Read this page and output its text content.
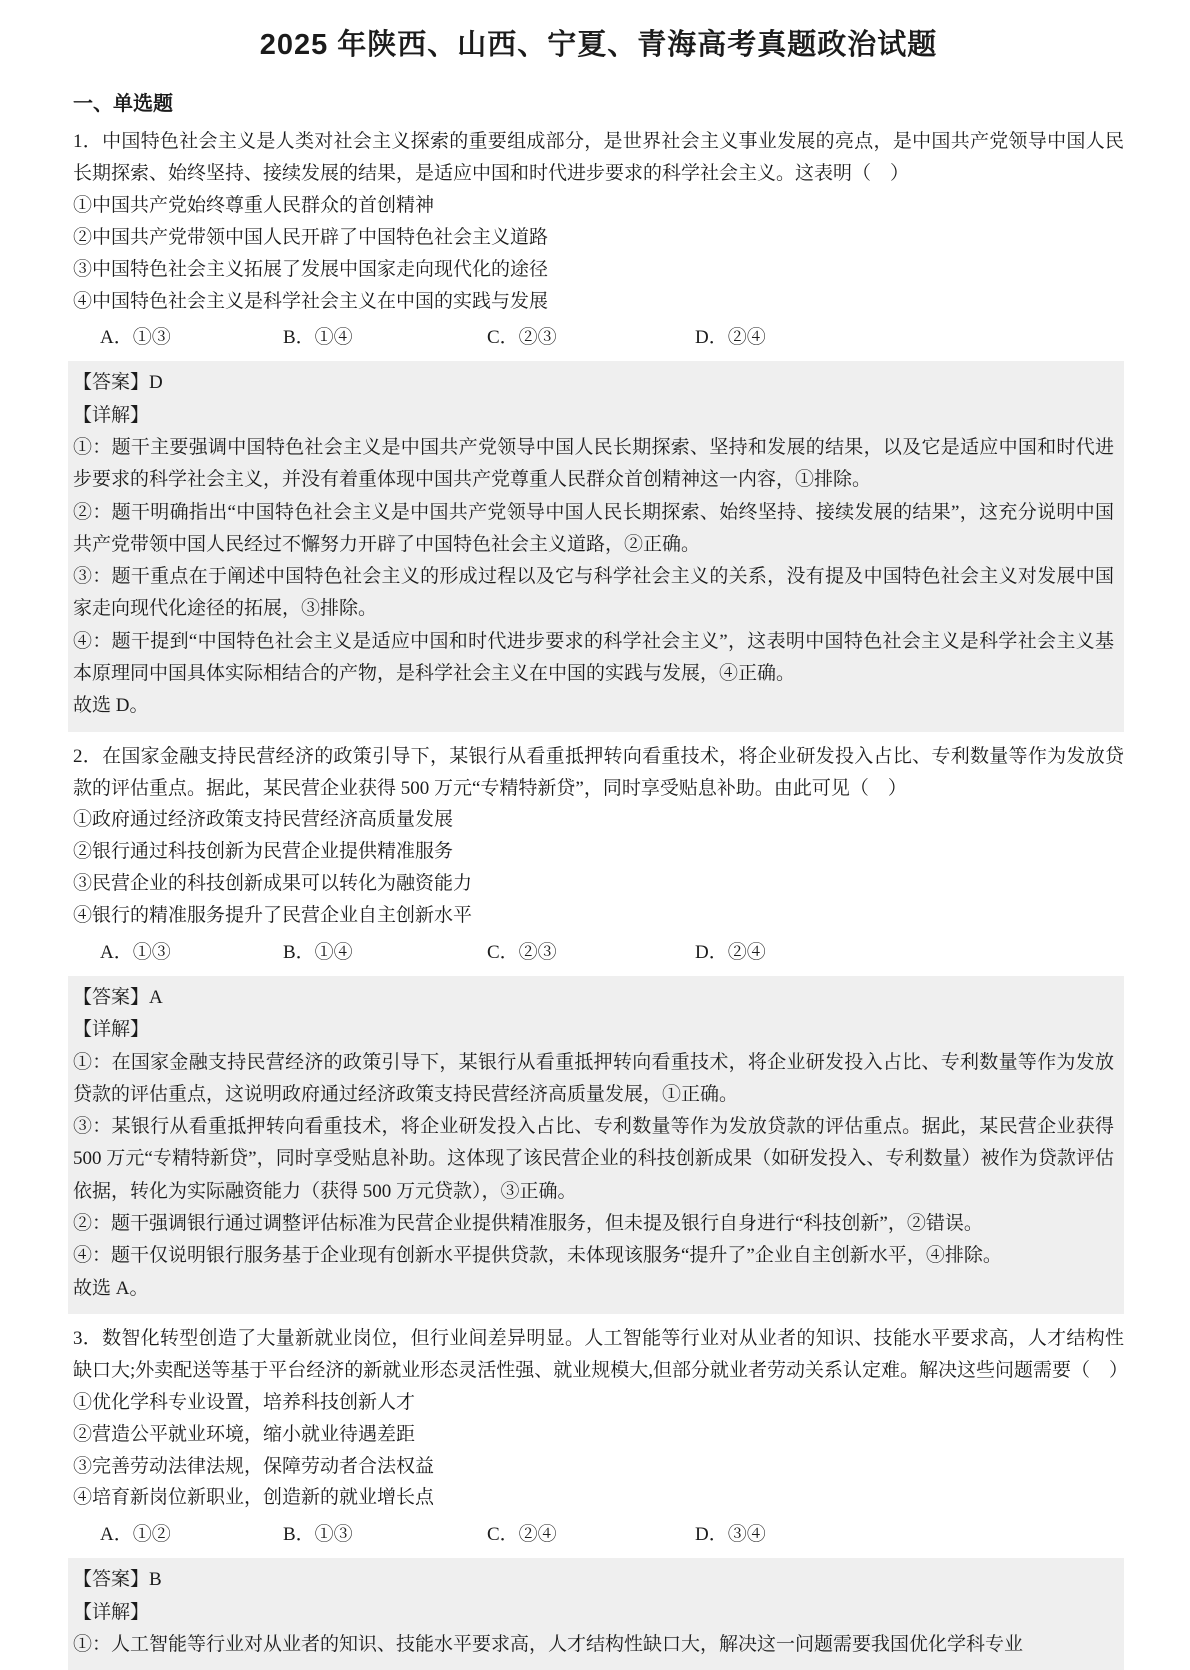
2025 年陕西、山西、宁夏、青海高考真题政治试题
一、单选题

1．中国特色社会主义是人类对社会主义探索的重要组成部分，是世界社会主义事业发展的亮点，是中国共产党领导中国人民长期探索、始终坚持、接续发展的结果，是适应中国和时代进步要求的科学社会主义。这表明（　）

①中国共产党始终尊重人民群众的首创精神

②中国共产党带领中国人民开辟了中国特色社会主义道路

③中国特色社会主义拓展了发展中国家走向现代化的途径

④中国特色社会主义是科学社会主义在中国的实践与发展

A．①③	B．①④	C．②③	D．②④

【答案】D

【详解】

①：题干主要强调中国特色社会主义是中国共产党领导中国人民长期探索、坚持和发展的结果，以及它是适应中国和时代进步要求的科学社会主义，并没有着重体现中国共产党尊重人民群众首创精神这一内容，①排除。

②：题干明确指出“中国特色社会主义是中国共产党领导中国人民长期探索、始终坚持、接续发展的结果”，这充分说明中国共产党带领中国人民经过不懈努力开辟了中国特色社会主义道路，②正确。

③：题干重点在于阐述中国特色社会主义的形成过程以及它与科学社会主义的关系，没有提及中国特色社会主义对发展中国家走向现代化途径的拓展，③排除。

④：题干提到“中国特色社会主义是适应中国和时代进步要求的科学社会主义”，这表明中国特色社会主义是科学社会主义基本原理同中国具体实际相结合的产物，是科学社会主义在中国的实践与发展，④正确。

故选 D。

2．在国家金融支持民营经济的政策引导下，某银行从看重抵押转向看重技术，将企业研发投入占比、专利数量等作为发放贷款的评估重点。据此，某民营企业获得 500 万元“专精特新贷”，同时享受贴息补助。由此可见（　）

①政府通过经济政策支持民营经济高质量发展

②银行通过科技创新为民营企业提供精准服务

③民营企业的科技创新成果可以转化为融资能力

④银行的精准服务提升了民营企业自主创新水平

A．①③	B．①④	C．②③	D．②④

【答案】A

【详解】

①：在国家金融支持民营经济的政策引导下，某银行从看重抵押转向看重技术，将企业研发投入占比、专利数量等作为发放贷款的评估重点，这说明政府通过经济政策支持民营经济高质量发展，①正确。

③：某银行从看重抵押转向看重技术，将企业研发投入占比、专利数量等作为发放贷款的评估重点。据此，某民营企业获得 500 万元“专精特新贷”，同时享受贴息补助。这体现了该民营企业的科技创新成果（如研发投入、专利数量）被作为贷款评估依据，转化为实际融资能力（获得 500 万元贷款），③正确。

②：题干强调银行通过调整评估标准为民营企业提供精准服务，但未提及银行自身进行“科技创新”，②错误。

④：题干仅说明银行服务基于企业现有创新水平提供贷款，未体现该服务“提升了”企业自主创新水平，④排除。

故选 A。

3．数智化转型创造了大量新就业岗位，但行业间差异明显。人工智能等行业对从业者的知识、技能水平要求高，人才结构性缺口大;外卖配送等基于平台经济的新就业形态灵活性强、就业规模大,但部分就业者劳动关系认定难。解决这些问题需要（　）

①优化学科专业设置，培养科技创新人才

②营造公平就业环境，缩小就业待遇差距

③完善劳动法律法规，保障劳动者合法权益

④培育新岗位新职业，创造新的就业增长点

A．①②	B．①③	C．②④	D．③④

【答案】B

【详解】

①：人工智能等行业对从业者的知识、技能水平要求高，人才结构性缺口大，解决这一问题需要我国优化学科专业
